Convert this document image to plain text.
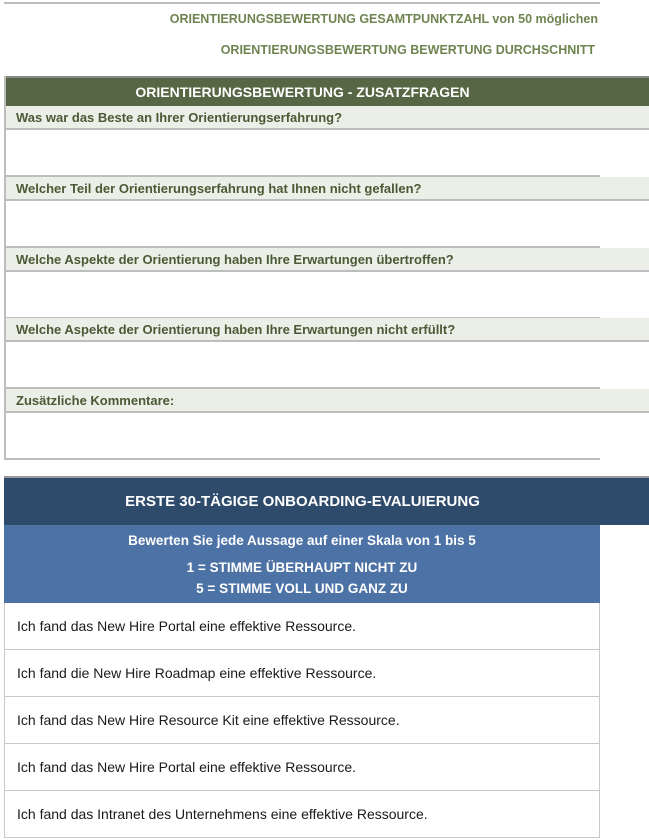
ORIENTIERUNGSBEWERTUNG GESAMTPUNKTZAHL von 50 möglichen
ORIENTIERUNGSBEWERTUNG BEWERTUNG DURCHSCHNITT
ORIENTIERUNGSBEWERTUNG - ZUSATZFRAGEN
Was war das Beste an Ihrer Orientierungserfahrung?
Welcher Teil der Orientierungserfahrung hat Ihnen nicht gefallen?
Welche Aspekte der Orientierung haben Ihre Erwartungen übertroffen?
Welche Aspekte der Orientierung haben Ihre Erwartungen nicht erfüllt?
Zusätzliche Kommentare:
ERSTE 30-TÄGIGE ONBOARDING-EVALUIERUNG
Bewerten Sie jede Aussage auf einer Skala von 1 bis 5
1 = STIMME ÜBERHAUPT NICHT ZU
5 = STIMME VOLL UND GANZ ZU
Ich fand das New Hire Portal eine effektive Ressource.
Ich fand die New Hire Roadmap eine effektive Ressource.
Ich fand das New Hire Resource Kit eine effektive Ressource.
Ich fand das New Hire Portal eine effektive Ressource.
Ich fand das Intranet des Unternehmens eine effektive Ressource.
